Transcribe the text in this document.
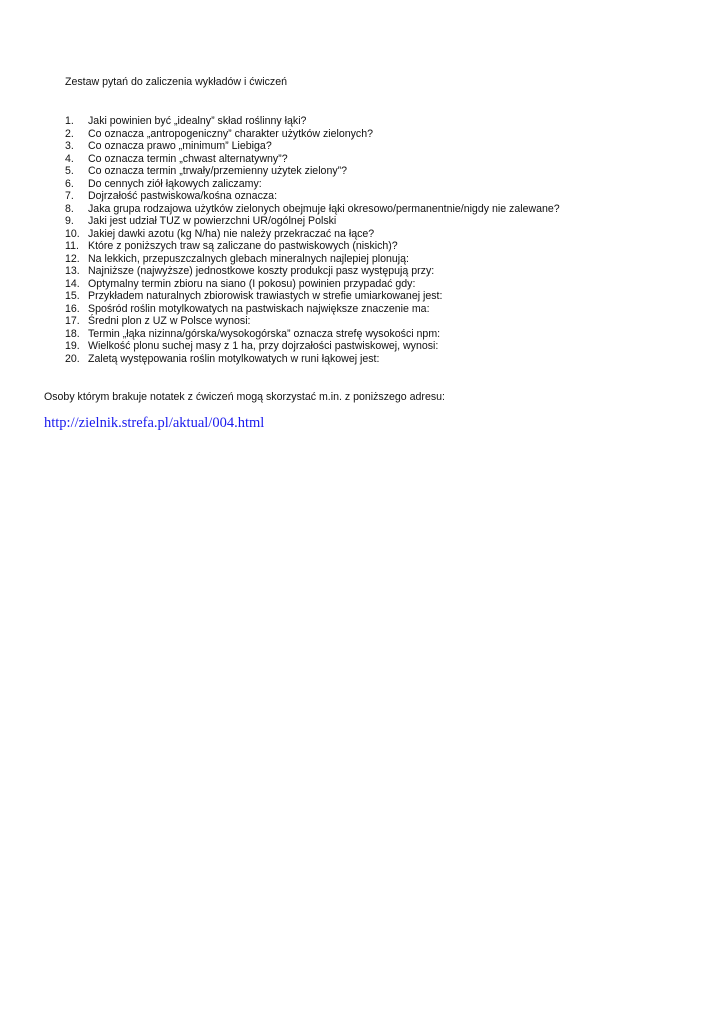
Zestaw pytań do zaliczenia wykładów i ćwiczeń
1.	Jaki powinien być „idealny” skład roślinny łąki?
2.	Co oznacza „antropogeniczny” charakter użytków zielonych?
3.	Co oznacza prawo „minimum” Liebiga?
4.	Co oznacza termin „chwast alternatywny”?
5.	Co oznacza termin „trwały/przemienny użytek zielony”?
6.	Do cennych ziół łąkowych zaliczamy:
7.	Dojrzałość pastwiskowa/kośna oznacza:
8.	Jaka grupa rodzajowa użytków zielonych obejmuje łąki okresowo/permanentnie/nigdy nie zalewane?
9.	Jaki jest udział TUZ w powierzchni UR/ogólnej Polski
10. Jakiej dawki azotu (kg N/ha) nie należy przekraczać na łące?
11. Które z poniższych traw są zaliczane do pastwiskowych (niskich)?
12. Na lekkich, przepuszczalnych glebach mineralnych najlepiej plonują:
13. Najniższe (najwyższe) jednostkowe koszty produkcji pasz występują przy:
14. Optymalny termin zbioru na siano (I pokosu) powinien przypadać gdy:
15. Przykładem naturalnych zbiorowisk trawiastych w strefie umiarkowanej jest:
16. Spośród roślin motylkowatych na pastwiskach największe znaczenie ma:
17. Średni plon z UZ w Polsce wynosi:
18. Termin „łąka nizinna/górska/wysokogórska” oznacza strefę wysokości npm:
19. Wielkość plonu suchej masy z 1 ha, przy dojrzałości pastwiskowej, wynosi:
20. Zaletą występowania roślin motylkowatych w runi łąkowej jest:

Osoby którym brakuje notatek z ćwiczeń mogą skorzystać m.in. z poniższego adresu:

http://zielnik.strefa.pl/aktual/004.html
